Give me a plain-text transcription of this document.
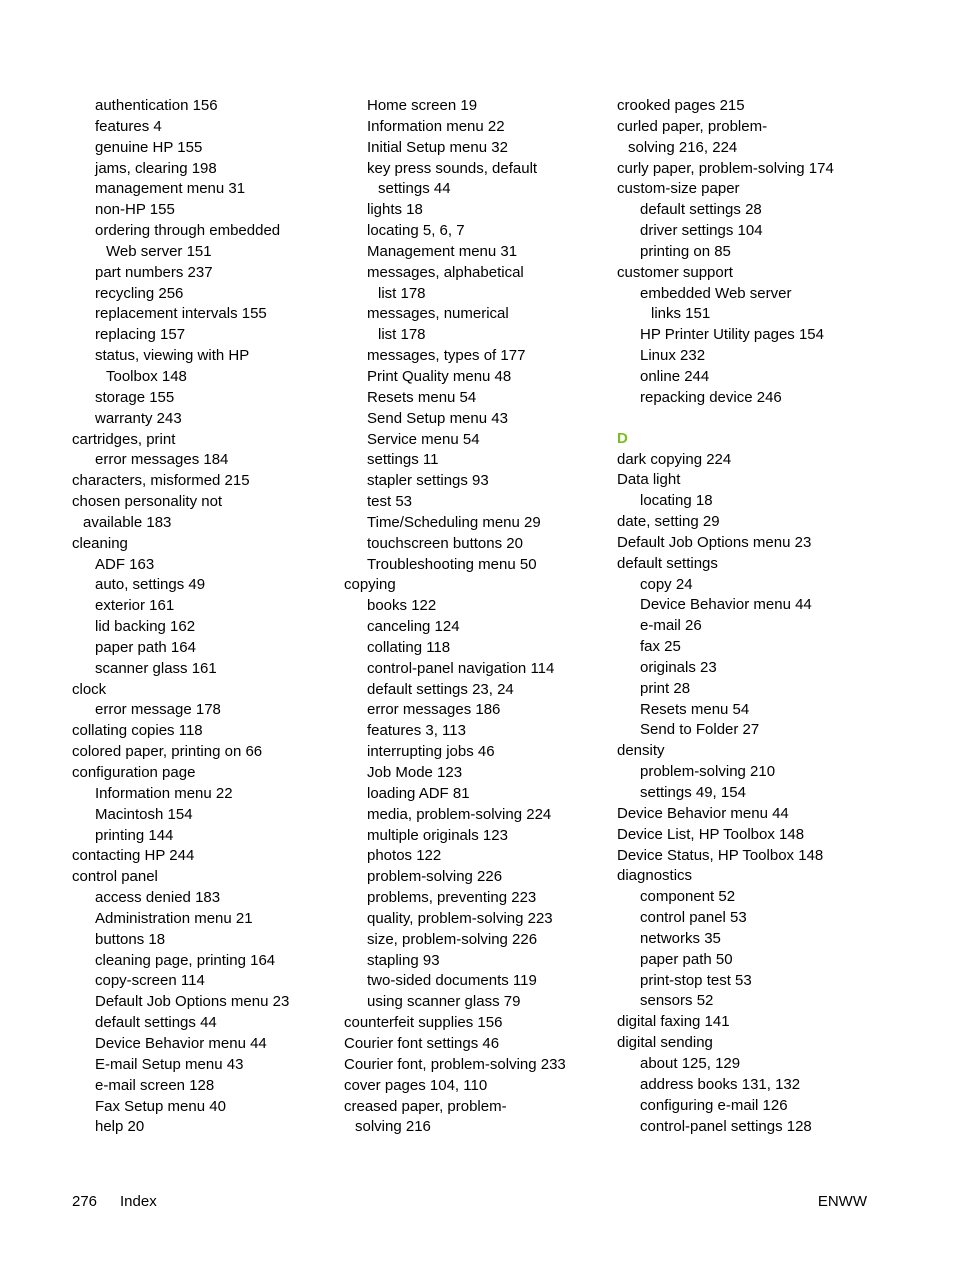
authentication 156
features 4
genuine HP 155
jams, clearing 198
management menu 31
non-HP 155
ordering through embedded
Web server 151
part numbers 237
recycling 256
replacement intervals 155
replacing 157
status, viewing with HP
Toolbox 148
storage 155
warranty 243
cartridges, print
error messages 184
characters, misformed 215
chosen personality not
available 183
cleaning
ADF 163
auto, settings 49
exterior 161
lid backing 162
paper path 164
scanner glass 161
clock
error message 178
collating copies 118
colored paper, printing on 66
configuration page
Information menu 22
Macintosh 154
printing 144
contacting HP 244
control panel
access denied 183
Administration menu 21
buttons 18
cleaning page, printing 164
copy-screen 114
Default Job Options menu 23
default settings 44
Device Behavior menu 44
E-mail Setup menu 43
e-mail screen 128
Fax Setup menu 40
help 20
Home screen 19
Information menu 22
Initial Setup menu 32
key press sounds, default
settings 44
lights 18
locating 5, 6, 7
Management menu 31
messages, alphabetical
list 178
messages, numerical
list 178
messages, types of 177
Print Quality menu 48
Resets menu 54
Send Setup menu 43
Service menu 54
settings 11
stapler settings 93
test 53
Time/Scheduling menu 29
touchscreen buttons 20
Troubleshooting menu 50
copying
books 122
canceling 124
collating 118
control-panel navigation 114
default settings 23, 24
error messages 186
features 3, 113
interrupting jobs 46
Job Mode 123
loading ADF 81
media, problem-solving 224
multiple originals 123
photos 122
problem-solving 226
problems, preventing 223
quality, problem-solving 223
size, problem-solving 226
stapling 93
two-sided documents 119
using scanner glass 79
counterfeit supplies 156
Courier font settings 46
Courier font, problem-solving 233
cover pages 104, 110
creased paper, problem-
solving 216
crooked pages 215
curled paper, problem-
solving 216, 224
curly paper, problem-solving 174
custom-size paper
default settings 28
driver settings 104
printing on 85
customer support
embedded Web server
links 151
HP Printer Utility pages 154
Linux 232
online 244
repacking device 246
D
dark copying 224
Data light
locating 18
date, setting 29
Default Job Options menu 23
default settings
copy 24
Device Behavior menu 44
e-mail 26
fax 25
originals 23
print 28
Resets menu 54
Send to Folder 27
density
problem-solving 210
settings 49, 154
Device Behavior menu 44
Device List, HP Toolbox 148
Device Status, HP Toolbox 148
diagnostics
component 52
control panel 53
networks 35
paper path 50
print-stop test 53
sensors 52
digital faxing 141
digital sending
about 125, 129
address books 131, 132
configuring e-mail 126
control-panel settings 128
276 Index	ENWW
